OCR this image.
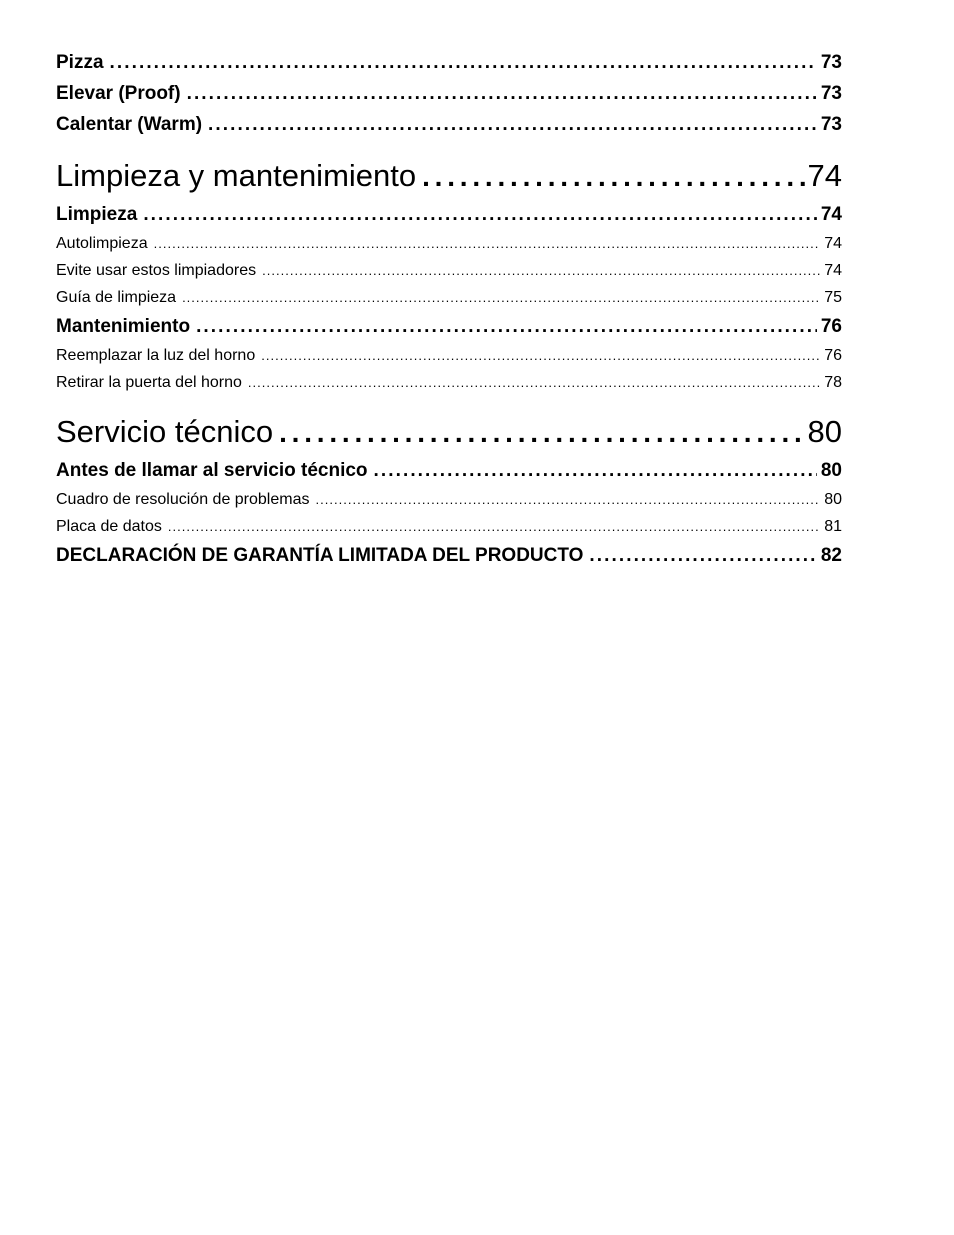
Pizza . . .	73
Elevar (Proof) . . .	73
Calentar (Warm) . . .	73
Limpieza y mantenimiento . . .	74
Limpieza . . .	74
Autolimpieza . . .	74
Evite usar estos limpiadores . . .	74
Guía de limpieza . . .	75
Mantenimiento . . .	76
Reemplazar la luz del horno . . .	76
Retirar la puerta del horno . . .	78
Servicio técnico . . .	80
Antes de llamar al servicio técnico . . .	80
Cuadro de resolución de problemas . . .	80
Placa de datos . . .	81
DECLARACIÓN DE GARANTÍA LIMITADA DEL PRODUCTO . . .	82
